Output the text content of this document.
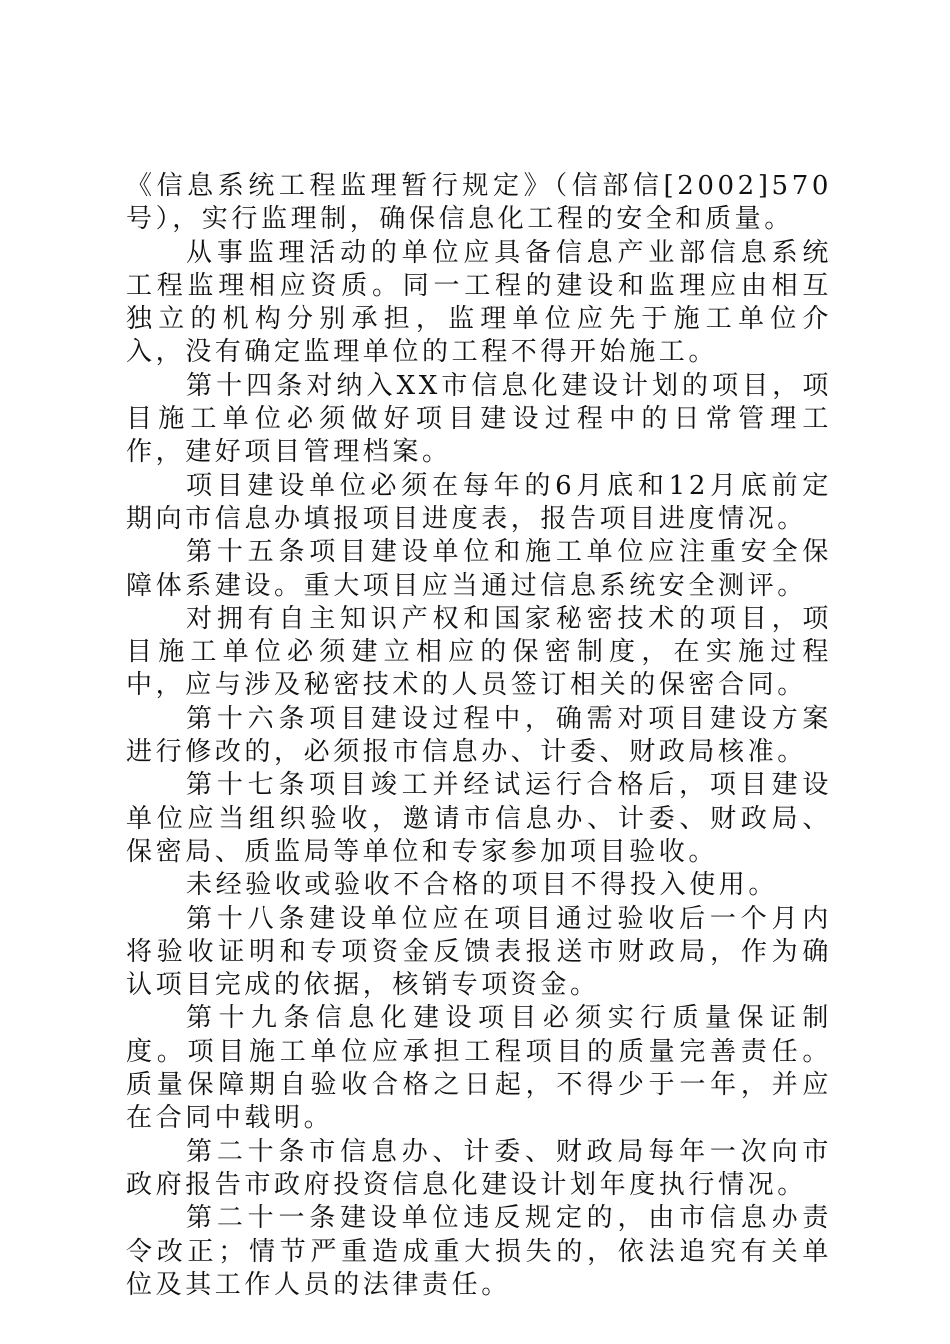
《信息系统工程监理暂行规定》（信部信[2002]570号），实行监理制，确保信息化工程的安全和质量。

从事监理活动的单位应具备信息产业部信息系统工程监理相应资质。同一工程的建设和监理应由相互独立的机构分别承担，监理单位应先于施工单位介入，没有确定监理单位的工程不得开始施工。

第十四条对纳入XX市信息化建设计划的项目，项目施工单位必须做好项目建设过程中的日常管理工作，建好项目管理档案。

项目建设单位必须在每年的6月底和12月底前定期向市信息办填报项目进度表，报告项目进度情况。

第十五条项目建设单位和施工单位应注重安全保障体系建设。重大项目应当通过信息系统安全测评。

对拥有自主知识产权和国家秘密技术的项目，项目施工单位必须建立相应的保密制度，在实施过程中，应与涉及秘密技术的人员签订相关的保密合同。

第十六条项目建设过程中，确需对项目建设方案进行修改的，必须报市信息办、计委、财政局核准。

第十七条项目竣工并经试运行合格后，项目建设单位应当组织验收，邀请市信息办、计委、财政局、保密局、质监局等单位和专家参加项目验收。

未经验收或验收不合格的项目不得投入使用。

第十八条建设单位应在项目通过验收后一个月内将验收证明和专项资金反馈表报送市财政局，作为确认项目完成的依据，核销专项资金。

第十九条信息化建设项目必须实行质量保证制度。项目施工单位应承担工程项目的质量完善责任。质量保障期自验收合格之日起，不得少于一年，并应在合同中载明。

第二十条市信息办、计委、财政局每年一次向市政府报告市政府投资信息化建设计划年度执行情况。

第二十一条建设单位违反规定的，由市信息办责令改正；情节严重造成重大损失的，依法追究有关单位及其工作人员的法律责任。
